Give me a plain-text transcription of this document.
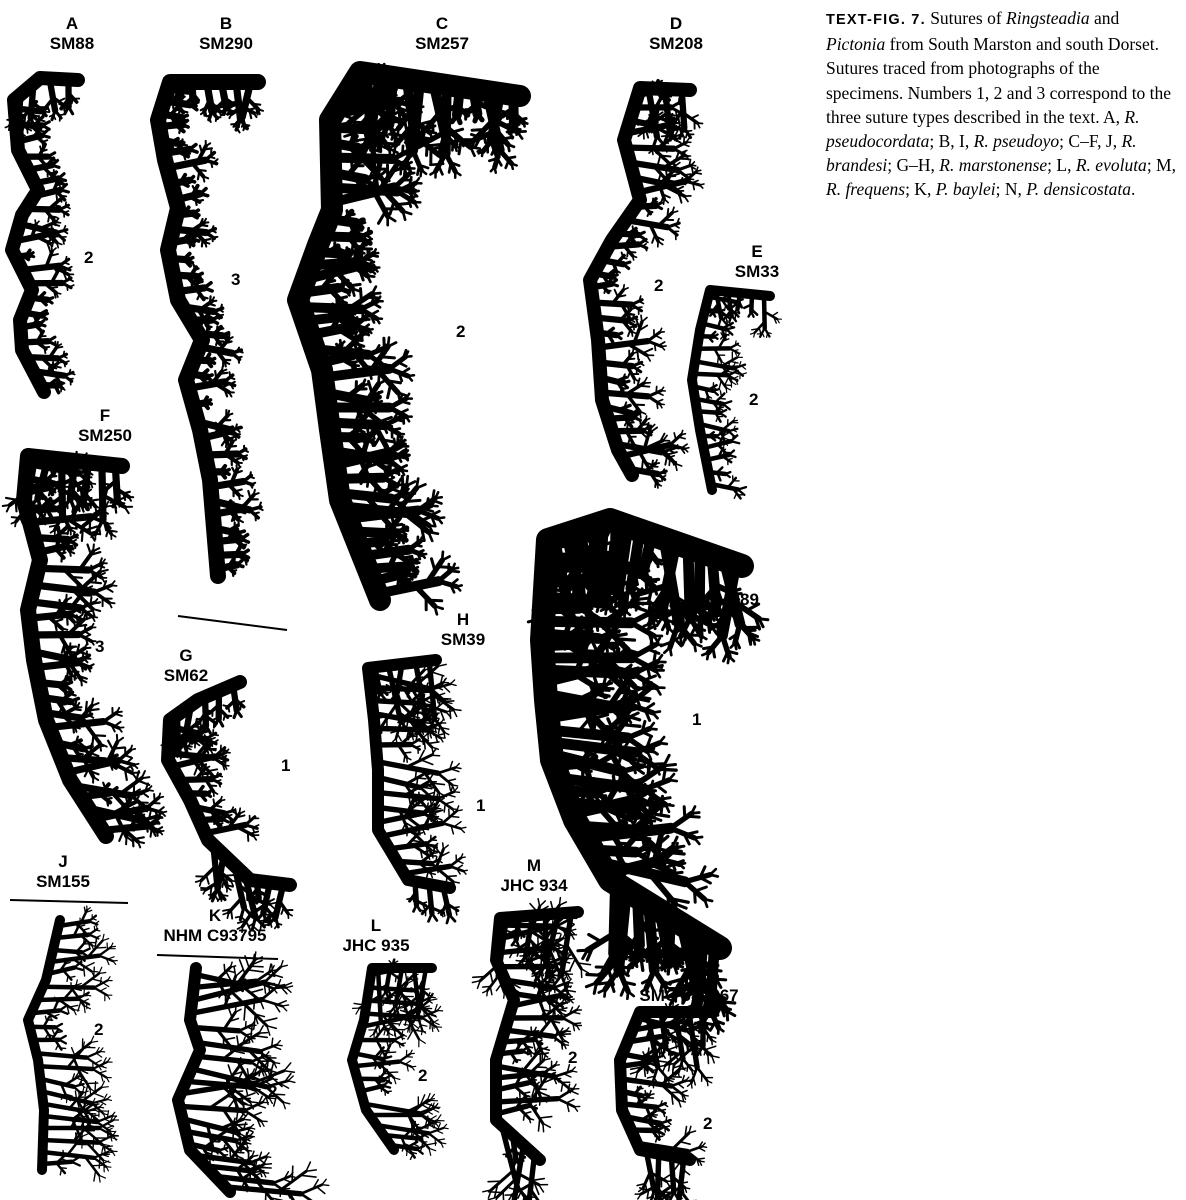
A
SM88
2
B
SM290
3
C
SM257
2
D
SM208
2
E
SM33
2
F
SM250
3	G
SM62
1
H
SM39
1
I
SM289
1
J
SM155
2
K
NHM C93795
2
L
JHC 935
2
M
JHC 934
2
N
SMC J47867
2
TEXT-FIG. 7. Sutures of Ringsteadia and Pictonia from South Marston and south Dorset. Sutures traced from photographs of the specimens. Numbers 1, 2 and 3 correspond to the three suture types described in the text. A, R. pseudocordata; B, I, R. pseudoyo; C–F, J, R. brandesi; G–H, R. marstonense; L, R. evoluta; M, R. frequens; K, P. baylei; N, P. densicostata.
